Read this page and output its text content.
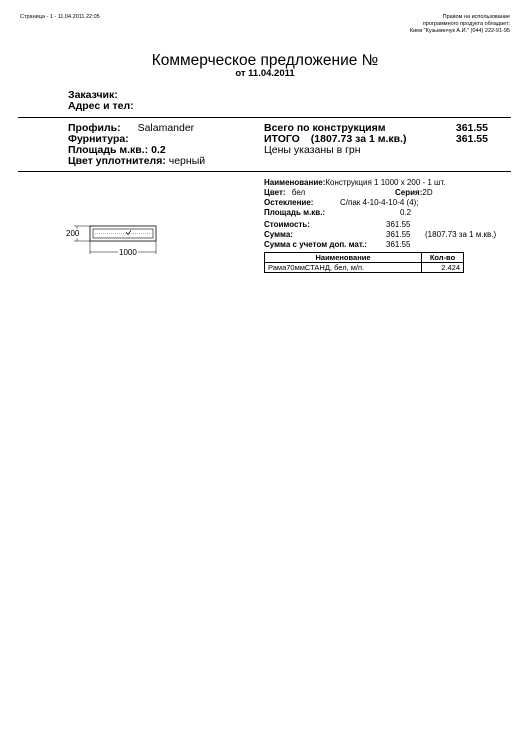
Страница - 1 - 11.04.2011 22:05	Правом на использование
программного продукта обладает:
Киев "Кузьминчук А.И." (044) 222-91-95
Коммерческое предложение №
от 11.04.2011
Заказчик:
Адрес и тел:
Профиль: Salamander
Фурнитура:
Площадь м.кв.: 0.2
Цвет уплотнителя: черный
Всего по конструкциям	361.55
ИТОГО (1807.73 за 1 м.кв.)	361.55
Цены указаны в грн
200
1000
Наименование:Конструкция 1 1000 x 200 - 1 шт.
Цвет: бел	Серия:2D
Остекление:	С/пак 4-10-4-10-4 (4);
Площадь м.кв.:	0.2
Стоимость:	361.55
Сумма:	361.55 (1807.73 за 1 м.кв.)
Сумма с учетом доп. мат.: 361.55
Наименование	Кол-во
Рама70ммСТАНД, бел, м/п.	2.424
